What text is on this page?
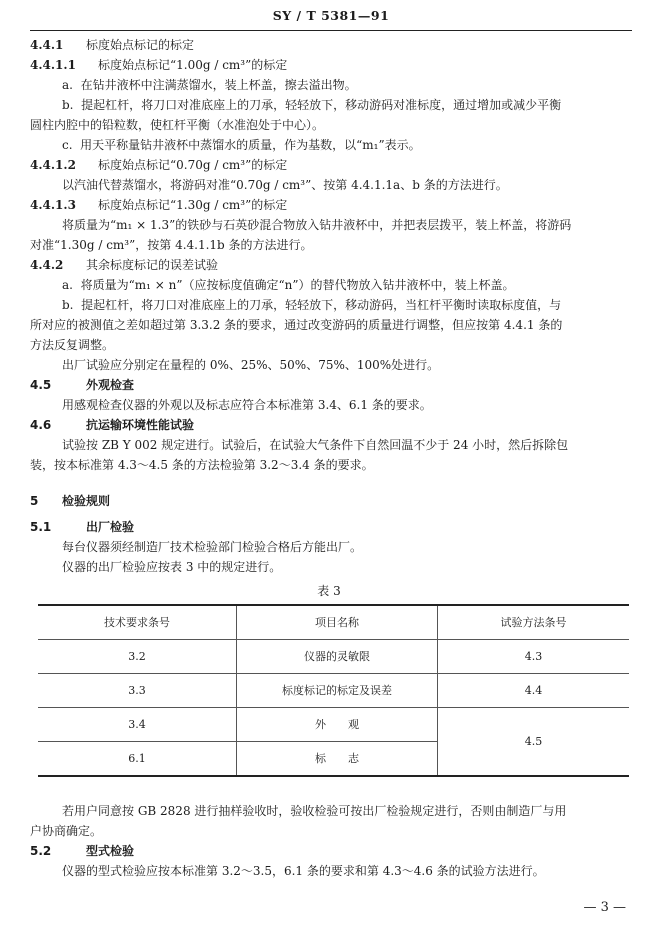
SY / T 5381—91

4.4.1 标度始点标记的标定

4.4.1.1 标度始点标记“1.00g / cm³”的标定

a.  在钻井液杯中注满蒸馏水，装上杯盖，擦去溢出物。

b.  提起杠杆，将刀口对准底座上的刀承，轻轻放下，移动游码对准标度，通过增加或减少平衡

圆柱内腔中的铅粒数，使杠杆平衡（水准泡处于中心）。

c.  用天平称量钻井液杯中蒸馏水的质量，作为基数，以“m₁”表示。

4.4.1.2 标度始点标记“0.70g / cm³”的标定

以汽油代替蒸馏水，将游码对准“0.70g / cm³”、按第 4.4.1.1a、b 条的方法进行。

4.4.1.3 标度始点标记“1.30g / cm³”的标定

将质量为“m₁ × 1.3”的铁砂与石英砂混合物放入钻井液杯中，并把表层拨平，装上杯盖，将游码

对准“1.30g / cm³”，按第 4.4.1.1b 条的方法进行。

4.4.2 其余标度标记的误差试验

a.  将质量为“m₁ × n”（应按标度值确定“n”）的替代物放入钻井液杯中，装上杯盖。

b.  提起杠杆，将刀口对准底座上的刀承，轻轻放下，移动游码，当杠杆平衡时读取标度值，与

所对应的被测值之差如超过第 3.3.2 条的要求，通过改变游码的质量进行调整，但应按第 4.4.1 条的

方法反复调整。

出厂试验应分别定在量程的 0%、25%、50%、75%、100%处进行。

4.5	外观检查

用感观检查仪器的外观以及标志应符合本标准第 3.4、6.1 条的要求。

4.6	抗运输环境性能试验

试验按 ZB Y 002 规定进行。试验后，在试验大气条件下自然回温不少于 24 小时，然后拆除包

装，按本标准第 4.3～4.5 条的方法检验第 3.2～3.4 条的要求。

5 检验规则

5.1	出厂检验

每台仪器须经制造厂技术检验部门检验合格后方能出厂。

仪器的出厂检验应按表 3 中的规定进行。

表 3

技术要求条号	项目名称	试验方法条号
3.2	仪器的灵敏限	4.3
3.3	标度标记的标定及误差	4.4
3.4	外　　观	4.5
6.1	标　　志	

若用户同意按 GB 2828 进行抽样验收时，验收检验可按出厂检验规定进行，否则由制造厂与用

户协商确定。

5.2	型式检验

仪器的型式检验应按本标准第 3.2～3.5，6.1 条的要求和第 4.3～4.6 条的试验方法进行。

— 3 —
